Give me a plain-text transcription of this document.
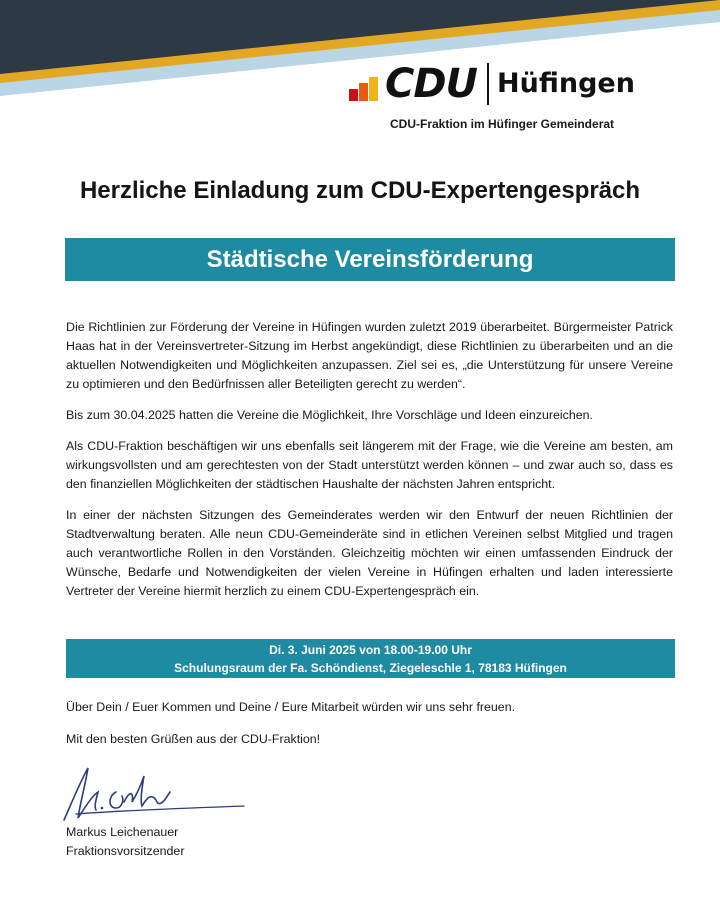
CDU Hüfingen
CDU-Fraktion im Hüfinger Gemeinderat
Herzliche Einladung zum CDU-Expertengespräch
Städtische Vereinsförderung

Die Richtlinien zur Förderung der Vereine in Hüfingen wurden zuletzt 2019 überarbeitet. Bürgermeister Patrick Haas hat in der Vereinsvertreter-Sitzung im Herbst angekündigt, diese Richtlinien zu überarbeiten und an die aktuellen Notwendigkeiten und Möglichkeiten anzupassen. Ziel sei es, „die Unterstützung für unsere Vereine zu optimieren und den Bedürfnissen aller Beteiligten gerecht zu werden“.

Bis zum 30.04.2025 hatten die Vereine die Möglichkeit, Ihre Vorschläge und Ideen einzureichen.

Als CDU-Fraktion beschäftigen wir uns ebenfalls seit längerem mit der Frage, wie die Vereine am besten, am wirkungsvollsten und am gerechtesten von der Stadt unterstützt werden können – und zwar auch so, dass es den finanziellen Möglichkeiten der städtischen Haushalte der nächsten Jahren entspricht.

In einer der nächsten Sitzungen des Gemeinderates werden wir den Entwurf der neuen Richtlinien der Stadtverwaltung beraten. Alle neun CDU-Gemeinderäte sind in etlichen Vereinen selbst Mitglied und tragen auch verantwortliche Rollen in den Vorständen. Gleichzeitig möchten wir einen umfassenden Eindruck der Wünsche, Bedarfe und Notwendigkeiten der vielen Vereine in Hüfingen erhalten und laden interessierte Vertreter der Vereine hiermit herzlich zu einem CDU-Expertengespräch ein.

Di. 3. Juni 2025 von 18.00-19.00 Uhr
Schulungsraum der Fa. Schöndienst, Ziegeleschle 1, 78183 Hüfingen
Über Dein / Euer Kommen und Deine / Eure Mitarbeit würden wir uns sehr freuen.
Mit den besten Grüßen aus der CDU-Fraktion!
Markus Leichenauer
Fraktionsvorsitzender
